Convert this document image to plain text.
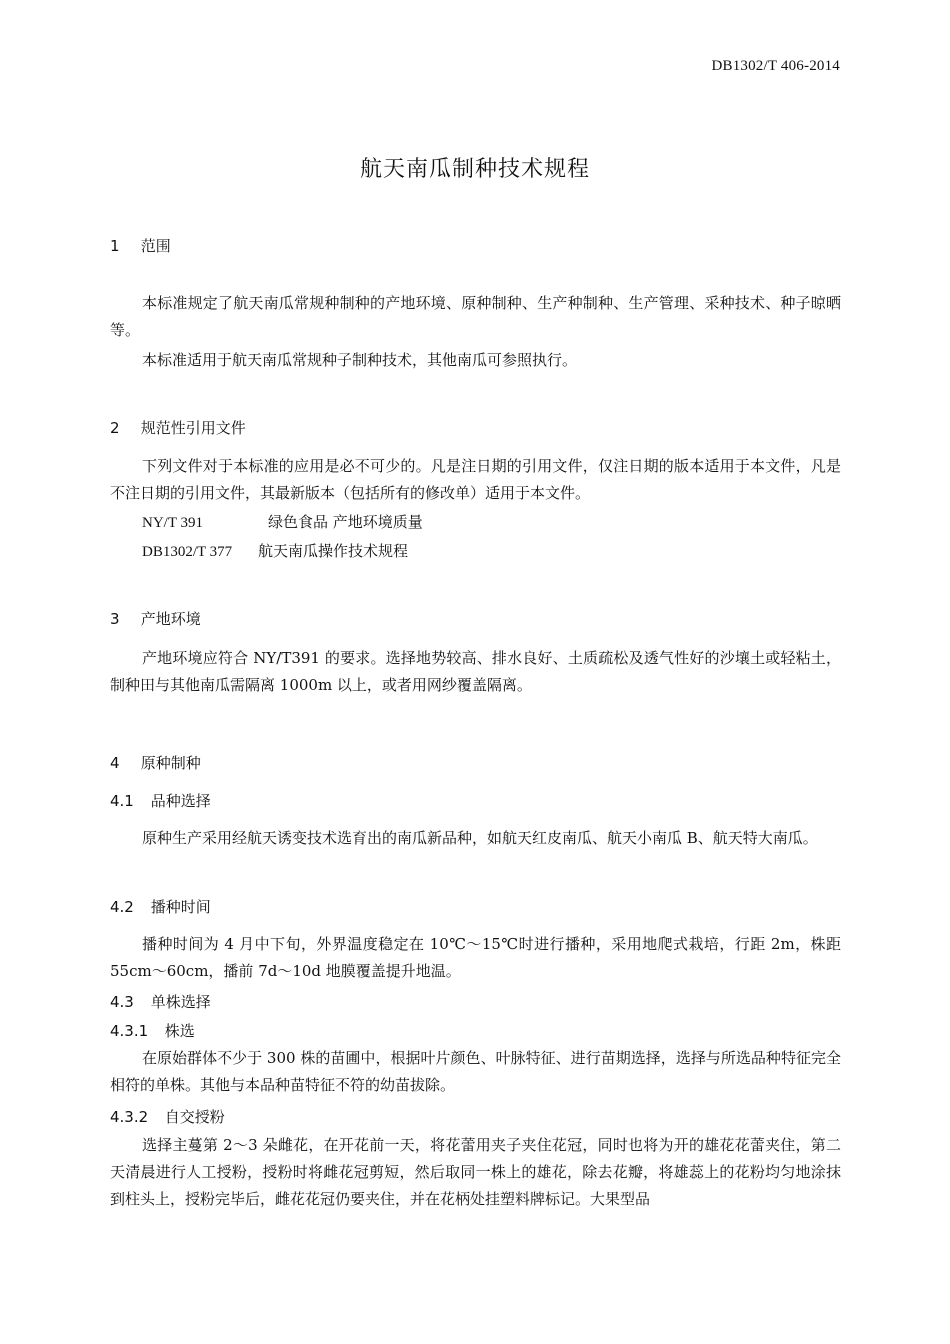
DB1302/T 406-2014
航天南瓜制种技术规程
1 范围
本标准规定了航天南瓜常规种制种的产地环境、原种制种、生产种制种、生产管理、采种技术、种子晾晒等。
本标准适用于航天南瓜常规种子制种技术，其他南瓜可参照执行。
2 规范性引用文件
下列文件对于本标准的应用是必不可少的。凡是注日期的引用文件，仅注日期的版本适用于本文件，凡是不注日期的引用文件，其最新版本（包括所有的修改单）适用于本文件。
NY/T 391	绿色食品 产地环境质量
DB1302/T 377 航天南瓜操作技术规程
3 产地环境
产地环境应符合 NY/T391 的要求。选择地势较高、排水良好、土质疏松及透气性好的沙壤土或轻粘土，制种田与其他南瓜需隔离 1000m 以上，或者用网纱覆盖隔离。
4 原种制种
4.1 品种选择
原种生产采用经航天诱变技术选育出的南瓜新品种，如航天红皮南瓜、航天小南瓜 B、航天特大南瓜。
4.2 播种时间
播种时间为 4 月中下旬，外界温度稳定在 10℃～15℃时进行播种，采用地爬式栽培，行距 2m，株距 55cm～60cm，播前 7d～10d 地膜覆盖提升地温。
4.3 单株选择
4.3.1 株选
在原始群体不少于 300 株的苗圃中，根据叶片颜色、叶脉特征、进行苗期选择，选择与所选品种特征完全相符的单株。其他与本品种苗特征不符的幼苗拔除。
4.3.2 自交授粉
选择主蔓第 2～3 朵雌花，在开花前一天，将花蕾用夹子夹住花冠，同时也将为开的雄花花蕾夹住，第二天清晨进行人工授粉，授粉时将雌花冠剪短，然后取同一株上的雄花，除去花瓣，将雄蕊上的花粉均匀地涂抹到柱头上，授粉完毕后，雌花花冠仍要夹住，并在花柄处挂塑料牌标记。大果型品
